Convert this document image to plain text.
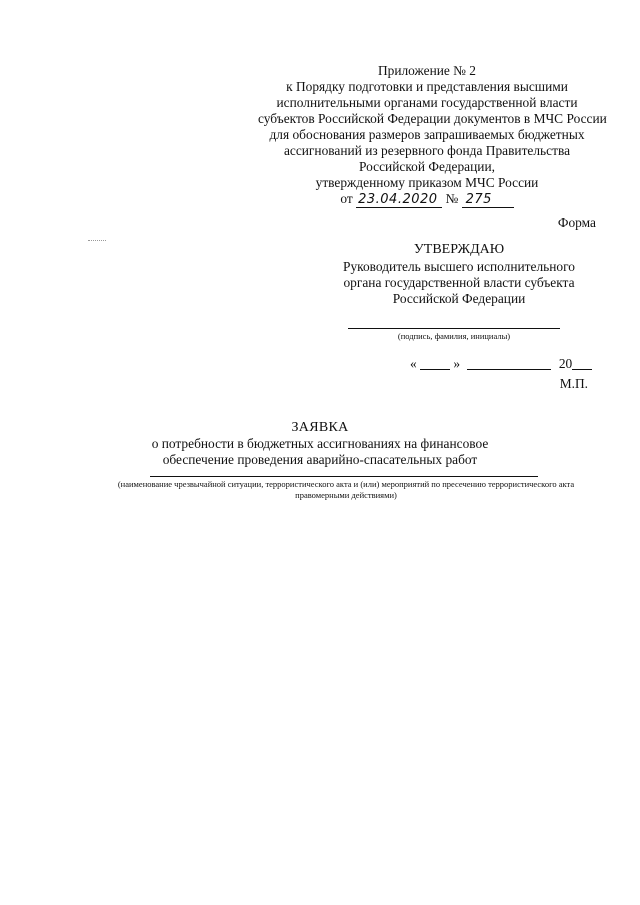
Приложение № 2
к Порядку подготовки и представления высшими
исполнительными органами государственной власти
субъектов Российской Федерации документов в МЧС России
для обоснования размеров запрашиваемых бюджетных
ассигнований из резервного фонда Правительства
Российской Федерации,
утвержденному приказом МЧС России
от 23.04.2020 № 275
Форма
УТВЕРЖДАЮ
Руководитель высшего исполнительного
органа государственной власти субъекта
Российской Федерации
(подпись, фамилия, инициалы)
«	»	20
М.П.
ЗАЯВКА
о потребности в бюджетных ассигнованиях на финансовое
обеспечение проведения аварийно-спасательных работ
(наименование чрезвычайной ситуации, террористического акта и (или) мероприятий по пресечению террористического акта
правомерными действиями)
